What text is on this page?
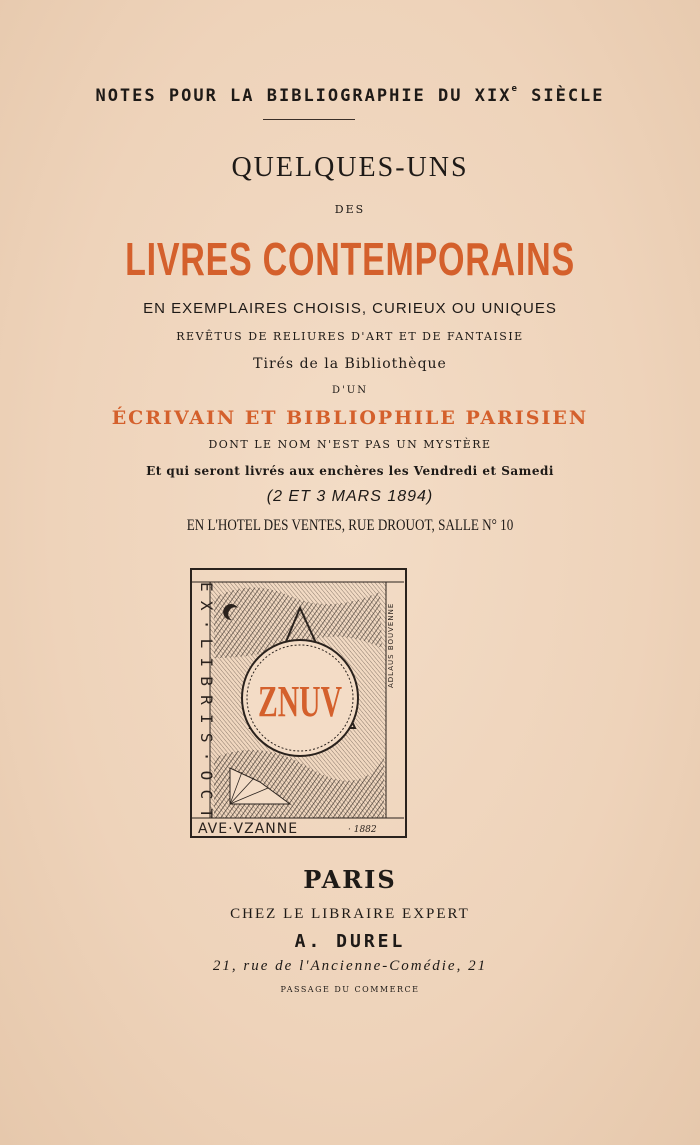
NOTES POUR LA BIBLIOGRAPHIE DU XIXe SIÈCLE
QUELQUES-UNS
DES
LIVRES CONTEMPORAINS
EN EXEMPLAIRES CHOISIS, CURIEUX OU UNIQUES
REVÊTUS DE RELIURES D'ART ET DE FANTAISIE
Tirés de la Bibliothèque
D'UN
ÉCRIVAIN ET BIBLIOPHILE PARISIEN
DONT LE NOM N'EST PAS UN MYSTÈRE
Et qui seront livrés aux enchères les Vendredi et Samedi
(2 ET 3 MARS 1894)
EN L'HOTEL DES VENTES, RUE DROUOT, SALLE N° 10
ZNUV
EX·LIBRIS·OCT
ADLAUS BOUVENNE
AVE·VZANNE	· 1882
PARIS
CHEZ LE LIBRAIRE EXPERT
A. DUREL
21, rue de l'Ancienne-Comédie, 21
PASSAGE DU COMMERCE
